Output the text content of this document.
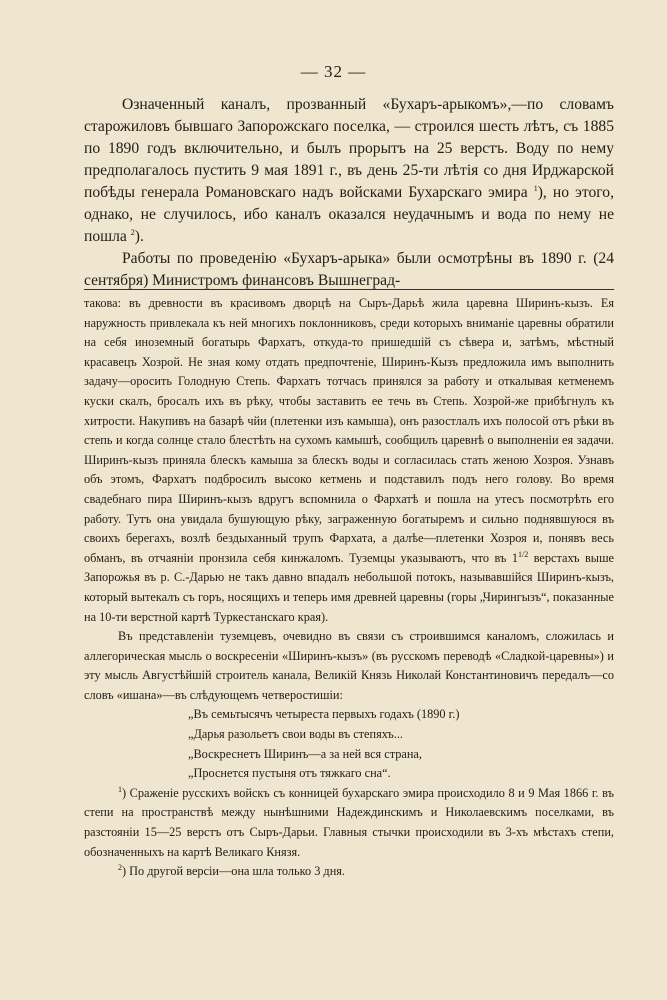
— 32 —

Означенный каналъ, прозванный «Бухаръ-арыкомъ»,—по словамъ старожиловъ бывшаго Запорожскаго поселка, — строился шесть лѣтъ, съ 1885 по 1890 годъ включительно, и былъ прорытъ на 25 верстъ. Воду по нему предполагалось пустить 9 мая 1891 г., въ день 25-ти лѣтія со дня Ирджарской побѣды генерала Романовскаго надъ войсками Бухарскаго эмира $^1$), но этого, однако, не случилось, ибо каналъ оказался неудачнымъ и вода по нему не пошла $^2$).

Работы по проведенію «Бухаръ-арыка» были осмотрѣны въ 1890 г. (24 сентября) Министромъ финансовъ Вышнеград-

такова: въ древности въ красивомъ дворцѣ на Сыръ-Дарьѣ жила царевна Ширинъ-кызъ. Ея наружность привлекала къ ней многихъ поклонниковъ, среди которыхъ вниманіе царевны обратили на себя иноземный богатырь Фархатъ, откуда-то пришедшій съ сѣвера и, затѣмъ, мѣстный красавецъ Хозрой. Не зная кому отдать предпочтеніе, Ширинъ-Кызъ предложила имъ выполнить задачу—оросить Голодную Степь. Фархатъ тотчасъ принялся за работу и откалывая кетменемъ куски скалъ, бросалъ ихъ въ рѣку, чтобы заставить ее течь въ Степь. Хозрой-же прибѣгнулъ къ хитрости. Накупивъ на базарѣ чйи (плетенки изъ камыша), онъ разостлалъ ихъ полосой отъ рѣки въ степь и когда солнце стало блестѣть на сухомъ камышѣ, сообщилъ царевнѣ о выполненіи ея задачи. Ширинъ-кызъ приняла блескъ камыша за блескъ воды и согласилась стать женою Хозроя. Узнавъ объ этомъ, Фархатъ подбросилъ высоко кетмень и подставилъ подъ него голову. Во время свадебнаго пира Ширинъ-кызъ вдругъ вспомнила о Фархатѣ и пошла на утесъ посмотрѣть его работу. Тутъ она увидала бушующую рѣку, заграженную богатыремъ и сильно поднявшуюся въ своихъ берегахъ, возлѣ бездыханный трупъ Фархата, а далѣе—плетенки Хозроя и, понявъ весь обманъ, въ отчаяніи пронзила себя кинжаломъ. Туземцы указываютъ, что въ $1^{1/2}$ верстахъ выше Запорожья въ р. С.-Дарью не такъ давно впадалъ небольшой потокъ, называвшійся Ширинъ-кызъ, который вытекалъ съ горъ, носящихъ и теперь имя древней царевны (горы „Чирингызъ“, показанные на 10-ти верстной картѣ Туркестанскаго края).

Въ представленіи туземцевъ, очевидно въ связи съ строившимся каналомъ, сложилась и аллегорическая мысль о воскресеніи «Ширинъ-кызъ» (въ русскомъ переводѣ «Сладкой-царевны») и эту мысль Августѣйшій строитель канала, Великій Князь Николай Константиновичъ передалъ—со словъ «ишана»—въ слѣдующемъ четверостишіи:

„Въ семьтысячъ четыреста первыхъ годахъ (1890 г.)

„Дарья разольетъ свои воды въ степяхъ...

„Воскреснетъ Ширинъ—а за ней вся страна,

„Проснется пустыня отъ тяжкаго сна“.

$^1$) Сраженіе русскихъ войскъ съ конницей бухарскаго эмира происходило 8 и 9 Мая 1866 г. въ степи на пространствѣ между нынѣшними Надеждинскимъ и Николаевскимъ поселками, въ разстояніи 15—25 верстъ отъ Сыръ-Дарьи. Главныя стычки происходили въ 3-хъ мѣстахъ степи, обозначенныхъ на картѣ Великаго Князя.

$^2$) По другой версіи—она шла только 3 дня.
